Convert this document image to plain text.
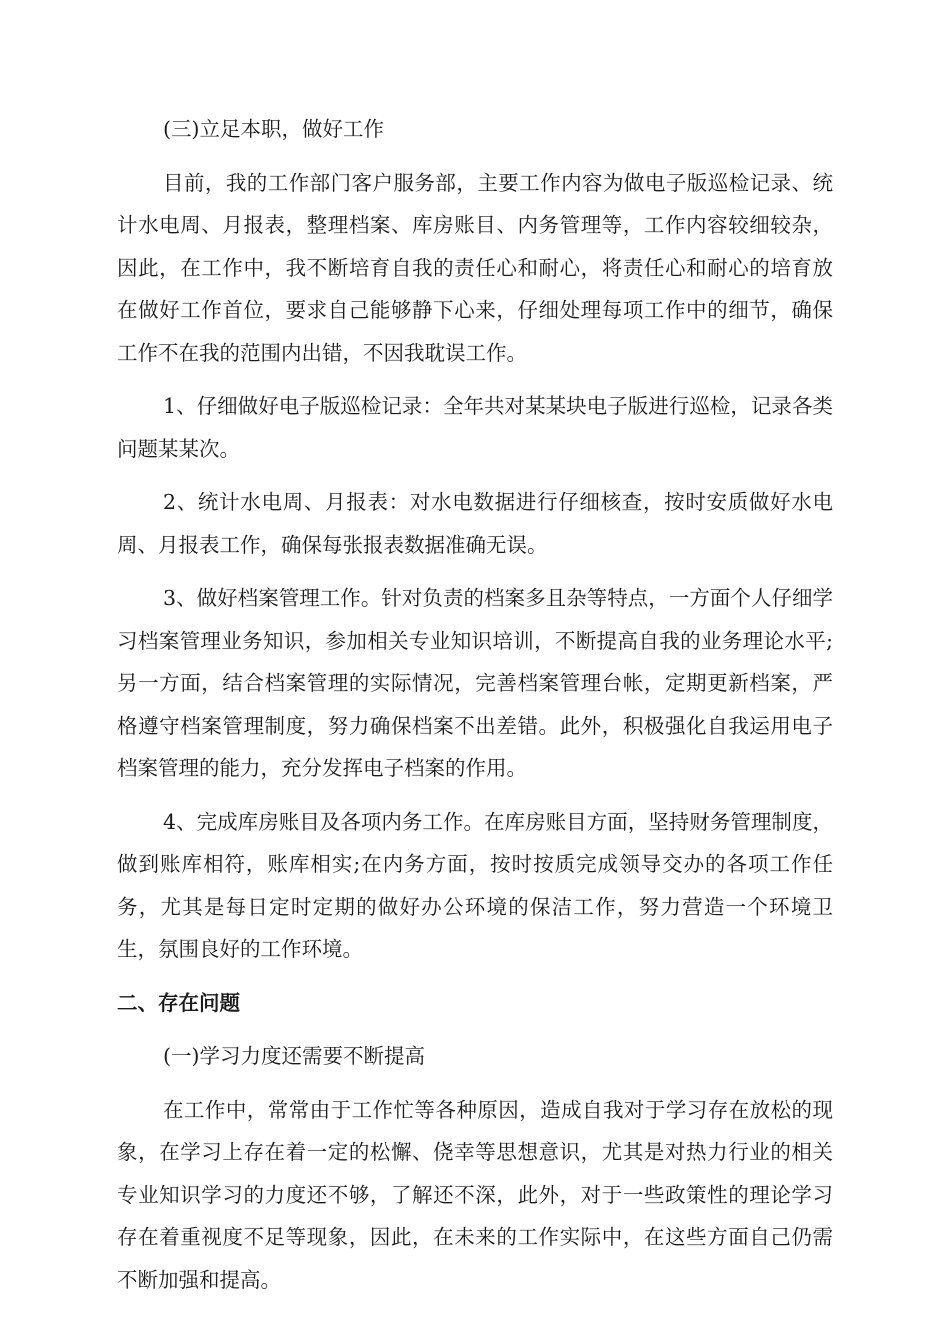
(三)立足本职，做好工作

目前，我的工作部门客户服务部，主要工作内容为做电子版巡检记录、统计水电周、月报表，整理档案、库房账目、内务管理等，工作内容较细较杂，因此，在工作中，我不断培育自我的责任心和耐心，将责任心和耐心的培育放在做好工作首位，要求自己能够静下心来，仔细处理每项工作中的细节，确保工作不在我的范围内出错，不因我耽误工作。

1、仔细做好电子版巡检记录：全年共对某某块电子版进行巡检，记录各类问题某某次。

2、统计水电周、月报表：对水电数据进行仔细核查，按时安质做好水电周、月报表工作，确保每张报表数据准确无误。

3、做好档案管理工作。针对负责的档案多且杂等特点，一方面个人仔细学习档案管理业务知识，参加相关专业知识培训，不断提高自我的业务理论水平;另一方面，结合档案管理的实际情况，完善档案管理台帐，定期更新档案，严格遵守档案管理制度，努力确保档案不出差错。此外，积极强化自我运用电子档案管理的能力，充分发挥电子档案的作用。

4、完成库房账目及各项内务工作。在库房账目方面，坚持财务管理制度，做到账库相符，账库相实;在内务方面，按时按质完成领导交办的各项工作任务，尤其是每日定时定期的做好办公环境的保洁工作，努力营造一个环境卫生，氛围良好的工作环境。

二、存在问题

(一)学习力度还需要不断提高

在工作中，常常由于工作忙等各种原因，造成自我对于学习存在放松的现象，在学习上存在着一定的松懈、侥幸等思想意识，尤其是对热力行业的相关专业知识学习的力度还不够，了解还不深，此外，对于一些政策性的理论学习存在着重视度不足等现象，因此，在未来的工作实际中，在这些方面自己仍需不断加强和提高。
